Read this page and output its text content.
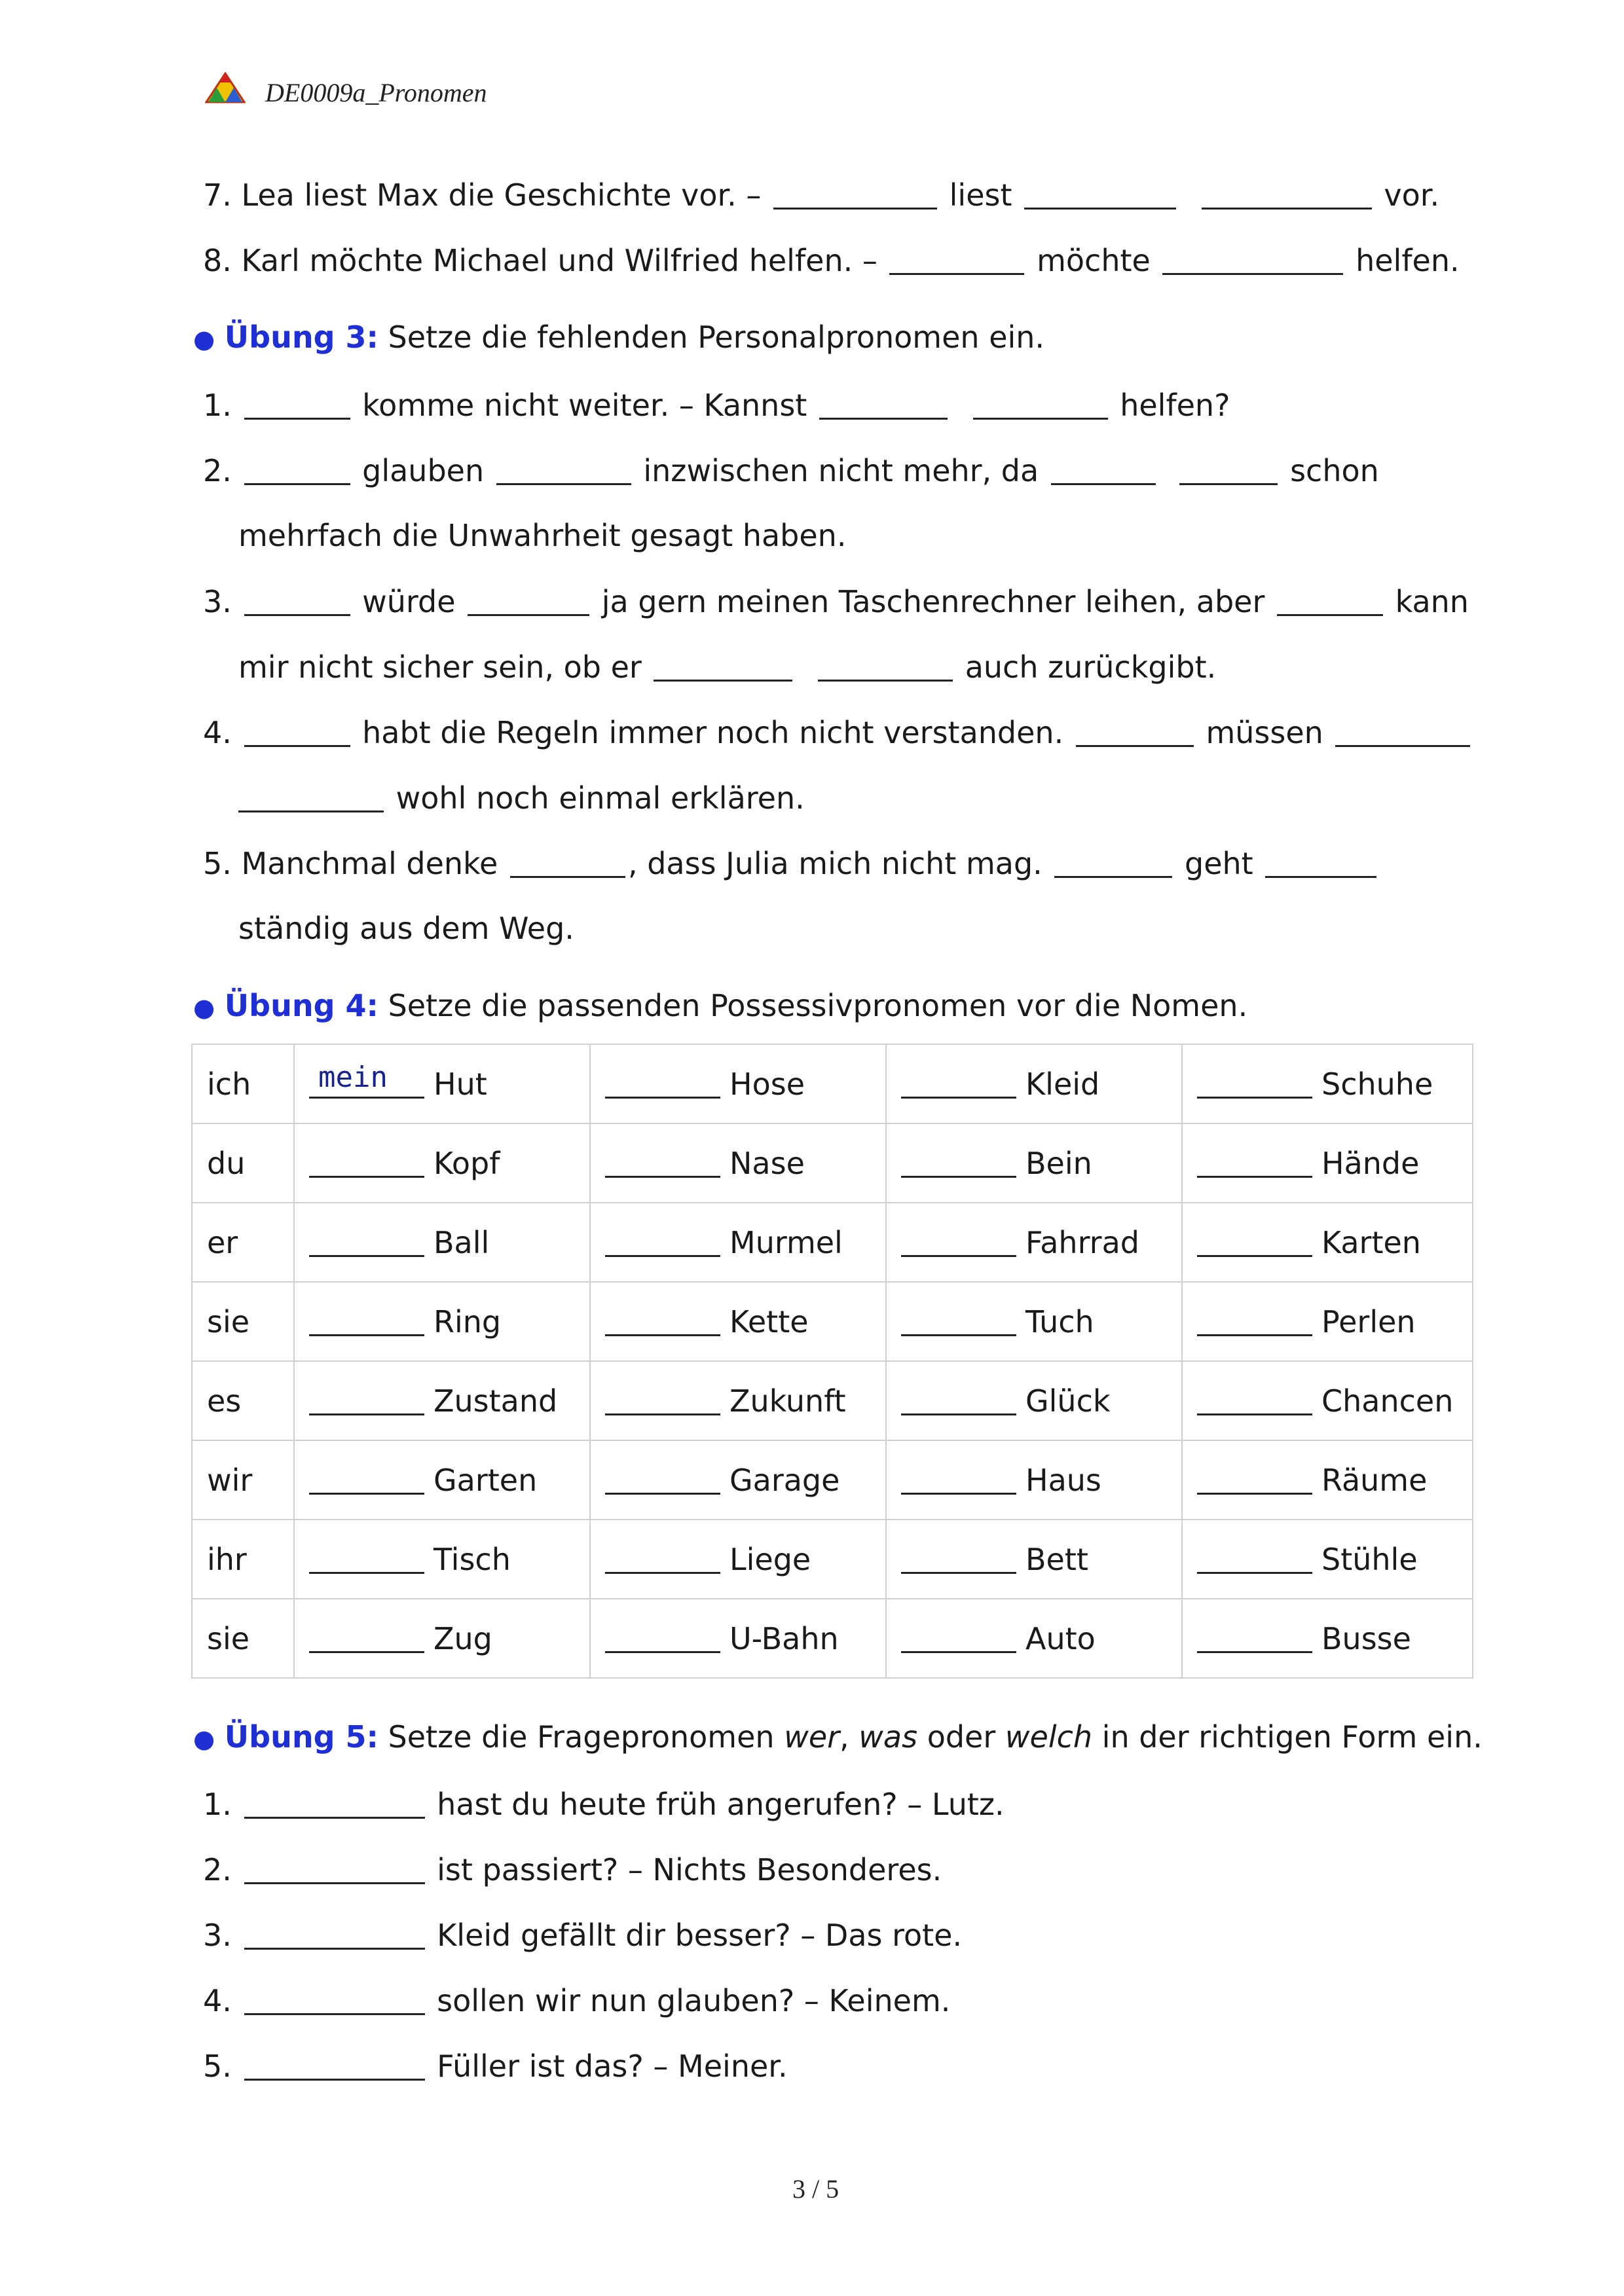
DE0009a_Pronomen
7. Lea liest Max die Geschichte vor. –	liest	vor.
8. Karl möchte Michael und Wilfried helfen. –	möchte	helfen.
● Übung 3: Setze die fehlenden Personalpronomen ein.
1.	komme nicht weiter. – Kannst	helfen?
2.	glauben	inzwischen nicht mehr, da	schon
mehrfach die Unwahrheit gesagt haben.
3.	würde	ja gern meinen Taschenrechner leihen, aber	kann
mir nicht sicher sein, ob er	auch zurückgibt.
4.	habt die Regeln immer noch nicht verstanden.	müssen
wohl noch einmal erklären.
5. Manchmal denke	, dass Julia mich nicht mag.	geht
ständig aus dem Weg.
● Übung 4: Setze die passenden Possessivpronomen vor die Nomen.
ich	mein Hut	Hose	Kleid	Schuhe
du	Kopf	Nase	Bein	Hände
er	Ball	Murmel	Fahrrad	Karten
sie	Ring	Kette	Tuch	Perlen
es	Zustand	Zukunft	Glück	Chancen
wir	Garten	Garage	Haus	Räume
ihr	Tisch	Liege	Bett	Stühle
sie	Zug	U-Bahn	Auto	Busse
● Übung 5: Setze die Fragepronomen wer, was oder welch in der richtigen Form ein.
1.	hast du heute früh angerufen? – Lutz.
2.	ist passiert? – Nichts Besonderes.
3.	Kleid gefällt dir besser? – Das rote.
4.	sollen wir nun glauben? – Keinem.
5.	Füller ist das? – Meiner.
3 / 5
